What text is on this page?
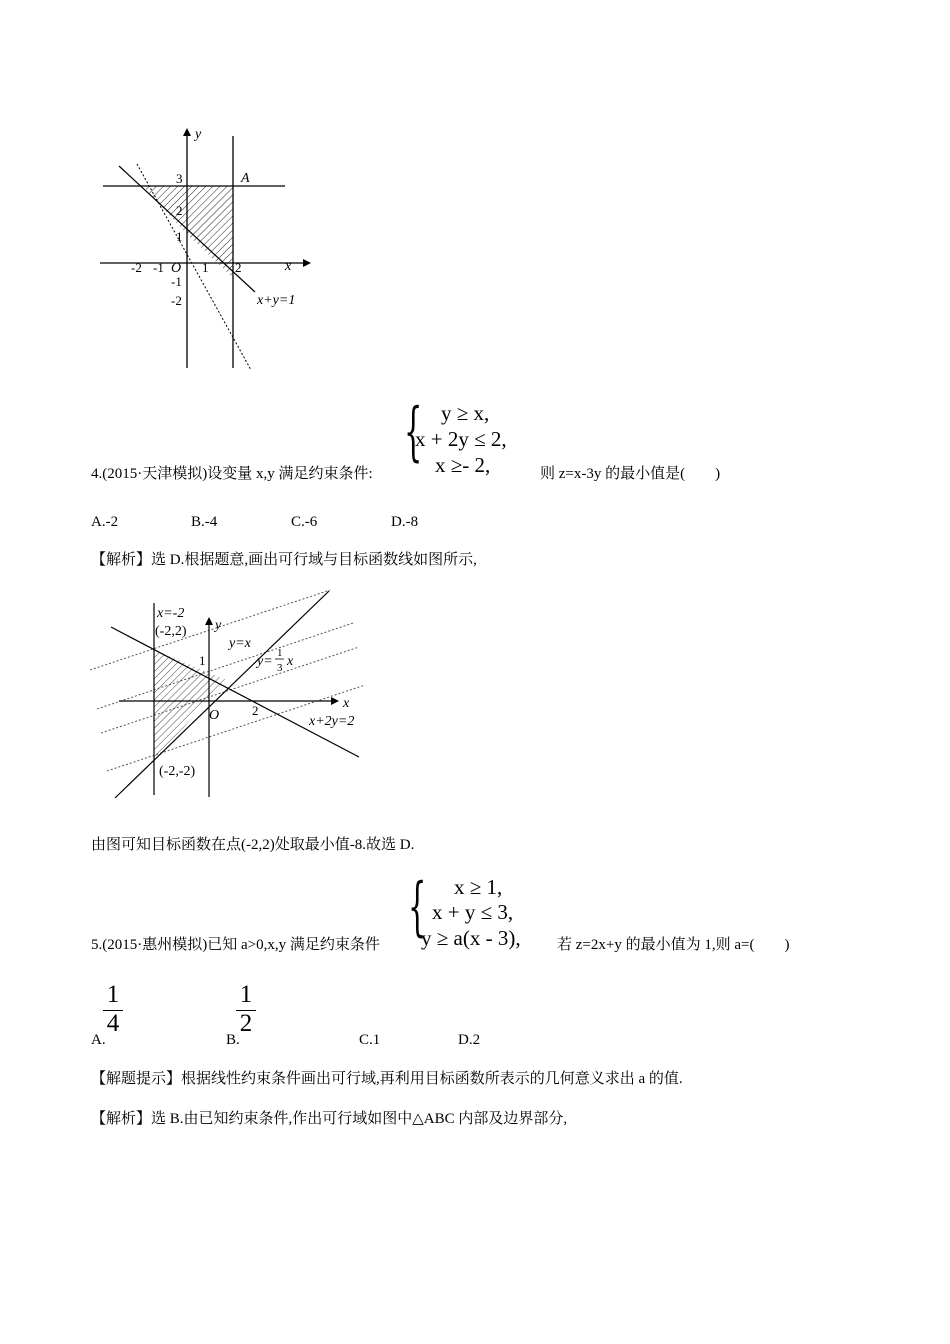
y
x
O
A
-2 -1	1 2
3
2
1
-1
-2	x+y=1
{ y ≥ x,
x + 2y ≤ 2,
x ≥- 2,
4.(2015·天津模拟)设变量 x,y 满足约束条件:	则 z=x-3y 的最小值是(　　)
A.-2	B.-4	C.-6	D.-8
【解析】选 D.根据题意,画出可行域与目标函数线如图所示,
x=-2
(-2,2)
(-2,-2)
y
x
O
1
2
y=x
y=
1
3 x
x+2y=2
由图可知目标函数在点(-2,2)处取最小值-8.故选 D.
{ x ≥ 1,
x + y ≤ 3,
y ≥ a(x - 3),
5.(2015·惠州模拟)已知 a>0,x,y 满足约束条件	若 z=2x+y 的最小值为 1,则 a=(　　)
A.
1
4
B.
1
2
C.1	D.2
【解题提示】根据线性约束条件画出可行域,再利用目标函数所表示的几何意义求出 a 的值.
【解析】选 B.由已知约束条件,作出可行域如图中△ABC 内部及边界部分,
